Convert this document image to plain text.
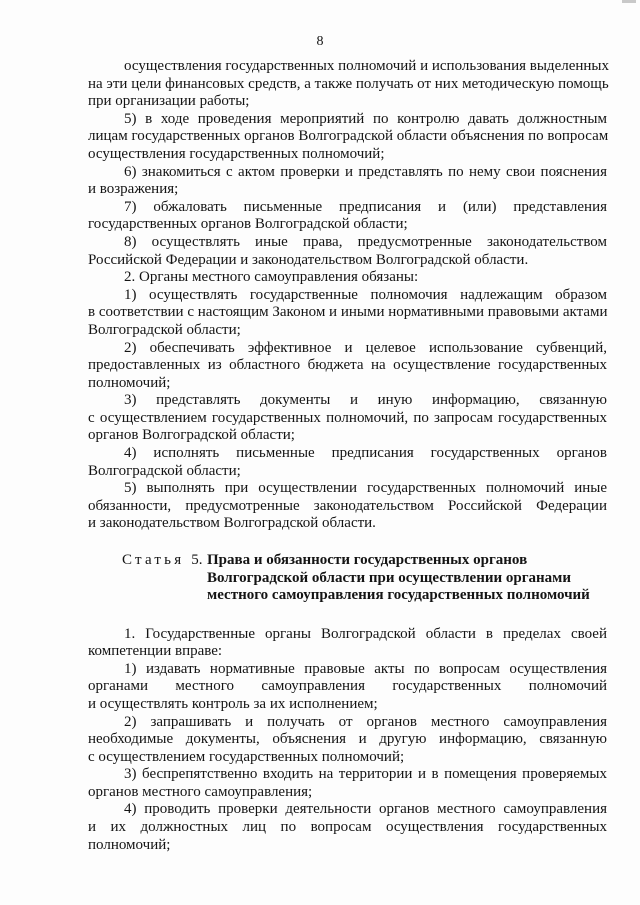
8
осуществления государственных полномочий и использования выделенных
на эти цели финансовых средств, а также получать от них методическую помощь
при организации работы;
5) в ходе проведения мероприятий по контролю давать должностным
лицам государственных органов Волгоградской области объяснения по вопросам
осуществления государственных полномочий;
6) знакомиться с актом проверки и представлять по нему свои пояснения
и возражения;
7) обжаловать письменные предписания и (или) представления
государственных органов Волгоградской области;
8) осуществлять иные права, предусмотренные законодательством
Российской Федерации и законодательством Волгоградской области.
2. Органы местного самоуправления обязаны:
1) осуществлять государственные полномочия надлежащим образом
в соответствии с настоящим Законом и иными нормативными правовыми актами
Волгоградской области;
2) обеспечивать эффективное и целевое использование субвенций,
предоставленных из областного бюджета на осуществление государственных
полномочий;
3) представлять документы и иную информацию, связанную
с осуществлением государственных полномочий, по запросам государственных
органов Волгоградской области;
4) исполнять письменные предписания государственных органов
Волгоградской области;
5) выполнять при осуществлении государственных полномочий иные
обязанности, предусмотренные законодательством Российской Федерации
и законодательством Волгоградской области.
Статья 5. Права и обязанности государственных органов
Волгоградской области при осуществлении органами
местного самоуправления государственных полномочий
1. Государственные органы Волгоградской области в пределах своей
компетенции вправе:
1) издавать нормативные правовые акты по вопросам осуществления
органами местного самоуправления государственных полномочий
и осуществлять контроль за их исполнением;
2) запрашивать и получать от органов местного самоуправления
необходимые документы, объяснения и другую информацию, связанную
с осуществлением государственных полномочий;
3) беспрепятственно входить на территории и в помещения проверяемых
органов местного самоуправления;
4) проводить проверки деятельности органов местного самоуправления
и их должностных лиц по вопросам осуществления государственных
полномочий;
